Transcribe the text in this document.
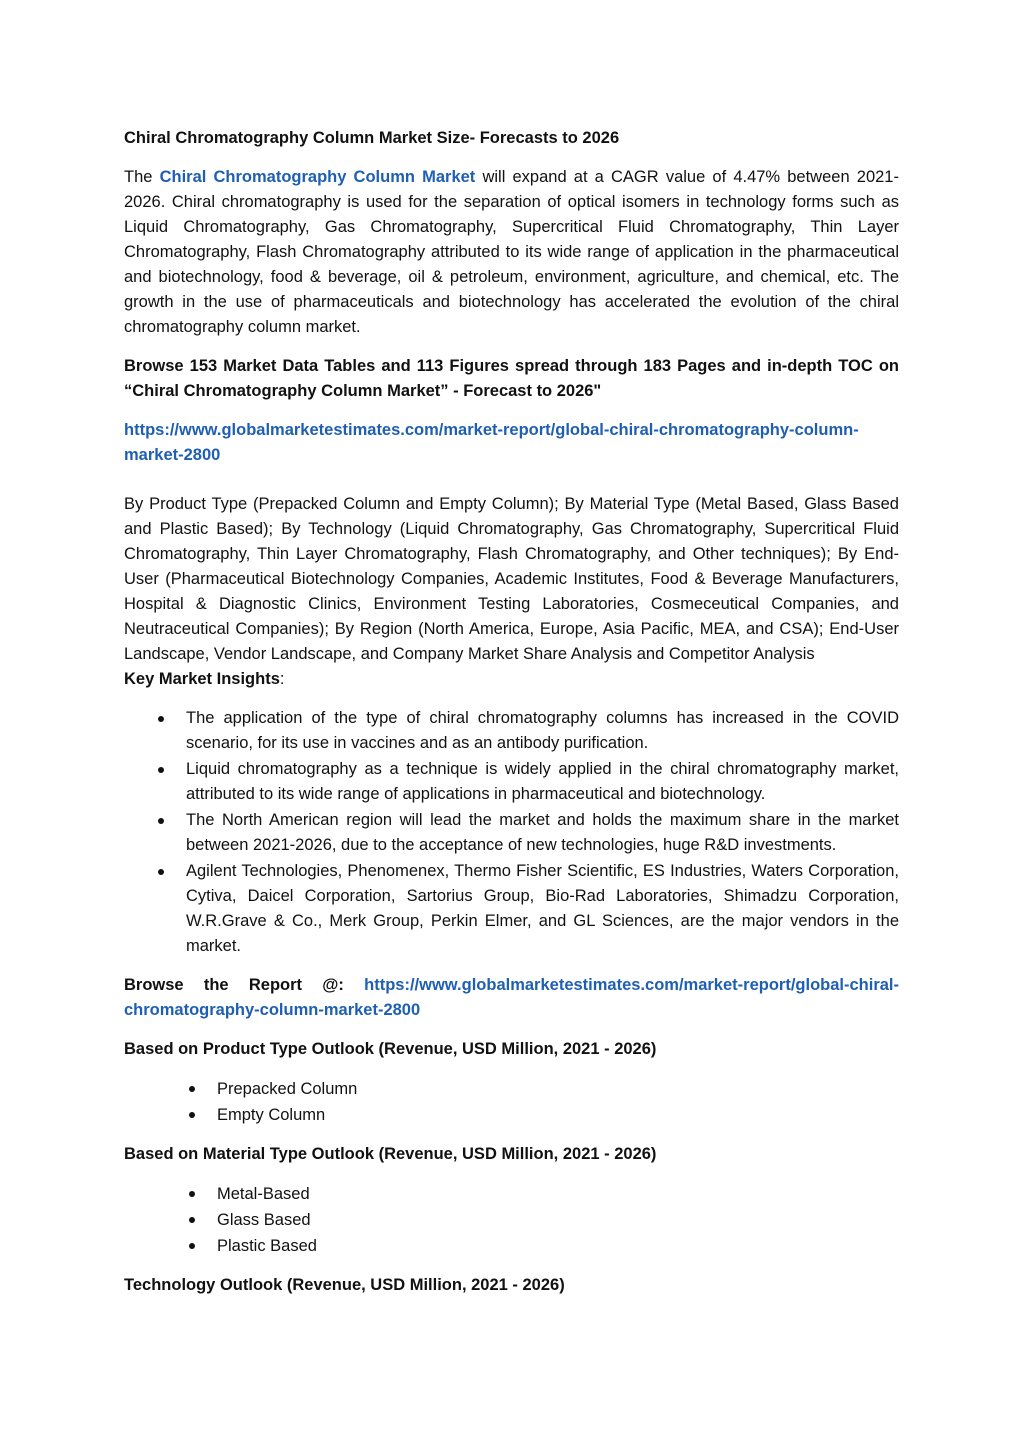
Chiral Chromatography Column Market Size- Forecasts to 2026

The Chiral Chromatography Column Market will expand at a CAGR value of 4.47% between 2021-2026. Chiral chromatography is used for the separation of optical isomers in technology forms such as Liquid Chromatography, Gas Chromatography, Supercritical Fluid Chromatography, Thin Layer Chromatography, Flash Chromatography attributed to its wide range of application in the pharmaceutical and biotechnology, food & beverage, oil & petroleum, environment, agriculture, and chemical, etc. The growth in the use of pharmaceuticals and biotechnology has accelerated the evolution of the chiral chromatography column market.

Browse 153 Market Data Tables and 113 Figures spread through 183 Pages and in-depth TOC on “Chiral Chromatography Column Market” - Forecast to 2026"

https://www.globalmarketestimates.com/market-report/global-chiral-chromatography-column-market-2800

By Product Type (Prepacked Column and Empty Column); By Material Type (Metal Based, Glass Based and Plastic Based); By Technology (Liquid Chromatography, Gas Chromatography, Supercritical Fluid Chromatography, Thin Layer Chromatography, Flash Chromatography, and Other techniques); By End-User (Pharmaceutical Biotechnology Companies, Academic Institutes, Food & Beverage Manufacturers, Hospital & Diagnostic Clinics, Environment Testing Laboratories, Cosmeceutical Companies, and Neutraceutical Companies); By Region (North America, Europe, Asia Pacific, MEA, and CSA); End-User Landscape, Vendor Landscape, and Company Market Share Analysis and Competitor Analysis

Key Market Insights:
The application of the type of chiral chromatography columns has increased in the COVID scenario, for its use in vaccines and as an antibody purification.
Liquid chromatography as a technique is widely applied in the chiral chromatography market, attributed to its wide range of applications in pharmaceutical and biotechnology.
The North American region will lead the market and holds the maximum share in the market between 2021-2026, due to the acceptance of new technologies, huge R&D investments.
Agilent Technologies, Phenomenex, Thermo Fisher Scientific, ES Industries, Waters Corporation, Cytiva, Daicel Corporation, Sartorius Group, Bio-Rad Laboratories, Shimadzu Corporation, W.R.Grave & Co., Merk Group, Perkin Elmer, and GL Sciences, are the major vendors in the market.

Browse the Report @: https://www.globalmarketestimates.com/market-report/global-chiral-chromatography-column-market-2800

Based on Product Type Outlook (Revenue, USD Million, 2021 - 2026)
Prepacked Column
Empty Column
Based on Material Type Outlook (Revenue, USD Million, 2021 - 2026)
Metal-Based
Glass Based
Plastic Based
Technology Outlook (Revenue, USD Million, 2021 - 2026)
